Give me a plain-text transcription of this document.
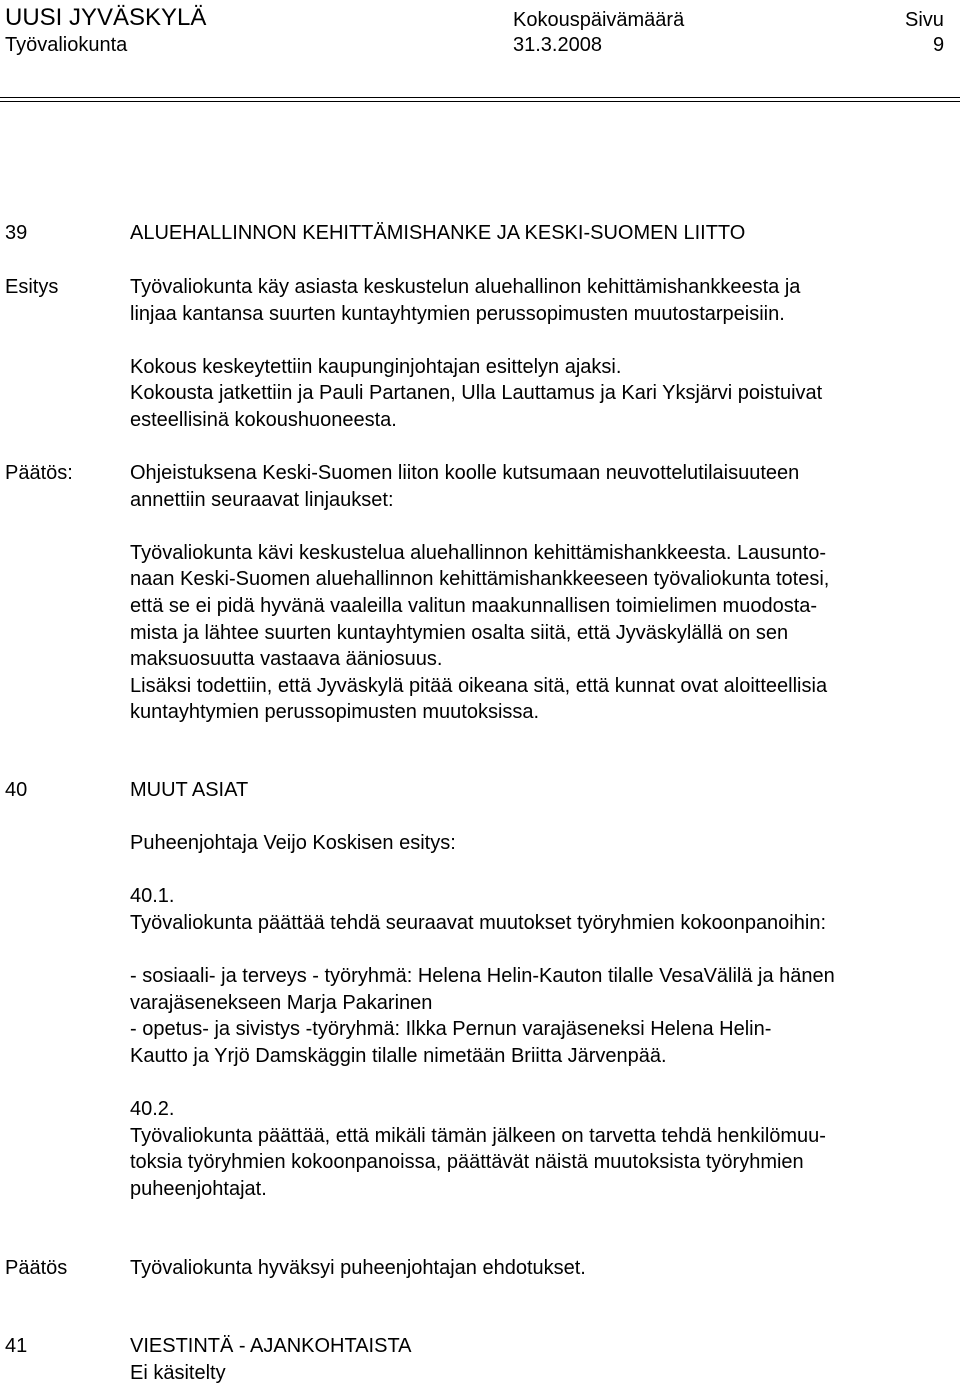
UUSI JYVÄSKYLÄ
Työvaliokunta
Kokouspäivämäärä
31.3.2008
Sivu
9
39	ALUEHALLINNON KEHITTÄMISHANKE JA KESKI-SUOMEN LIITTO

Esitys	Työvaliokunta käy asiasta keskustelun aluehallinon kehittämishankkeesta ja

linjaa kantansa suurten kuntayhtymien perussopimusten muutostarpeisiin.

Kokous keskeytettiin kaupunginjohtajan esittelyn ajaksi.

Kokousta jatkettiin ja Pauli Partanen, Ulla Lauttamus ja Kari Yksjärvi poistuivat

esteellisinä kokoushuoneesta.

Päätös:	Ohjeistuksena Keski-Suomen liiton koolle kutsumaan neuvottelutilaisuuteen

annettiin seuraavat linjaukset:

Työvaliokunta kävi keskustelua aluehallinnon kehittämishankkeesta. Lausunto-

naan Keski-Suomen aluehallinnon kehittämishankkeeseen työvaliokunta totesi,

että se ei pidä hyvänä vaaleilla valitun maakunnallisen toimielimen muodosta-

mista ja lähtee suurten kuntayhtymien osalta siitä, että Jyväskylällä on sen

maksuosuutta vastaava ääniosuus.

Lisäksi todettiin, että Jyväskylä pitää oikeana sitä, että kunnat ovat aloitteellisia

kuntayhtymien perussopimusten muutoksissa.

40	MUUT ASIAT

Puheenjohtaja Veijo Koskisen esitys:

40.1.

Työvaliokunta päättää tehdä seuraavat muutokset työryhmien kokoonpanoihin:

- sosiaali- ja terveys - työryhmä: Helena Helin-Kauton tilalle VesaVälilä ja hänen

varajäsenekseen Marja Pakarinen

- opetus- ja sivistys -työryhmä: Ilkka Pernun varajäseneksi Helena Helin-

Kautto ja Yrjö Damskäggin tilalle nimetään Briitta Järvenpää.

40.2.

Työvaliokunta päättää, että mikäli tämän jälkeen on tarvetta tehdä henkilömuu-

toksia työryhmien kokoonpanoissa, päättävät näistä muutoksista työryhmien

puheenjohtajat.

Päätös	Työvaliokunta hyväksyi puheenjohtajan ehdotukset.

41	VIESTINTÄ - AJANKOHTAISTA

Ei käsitelty
